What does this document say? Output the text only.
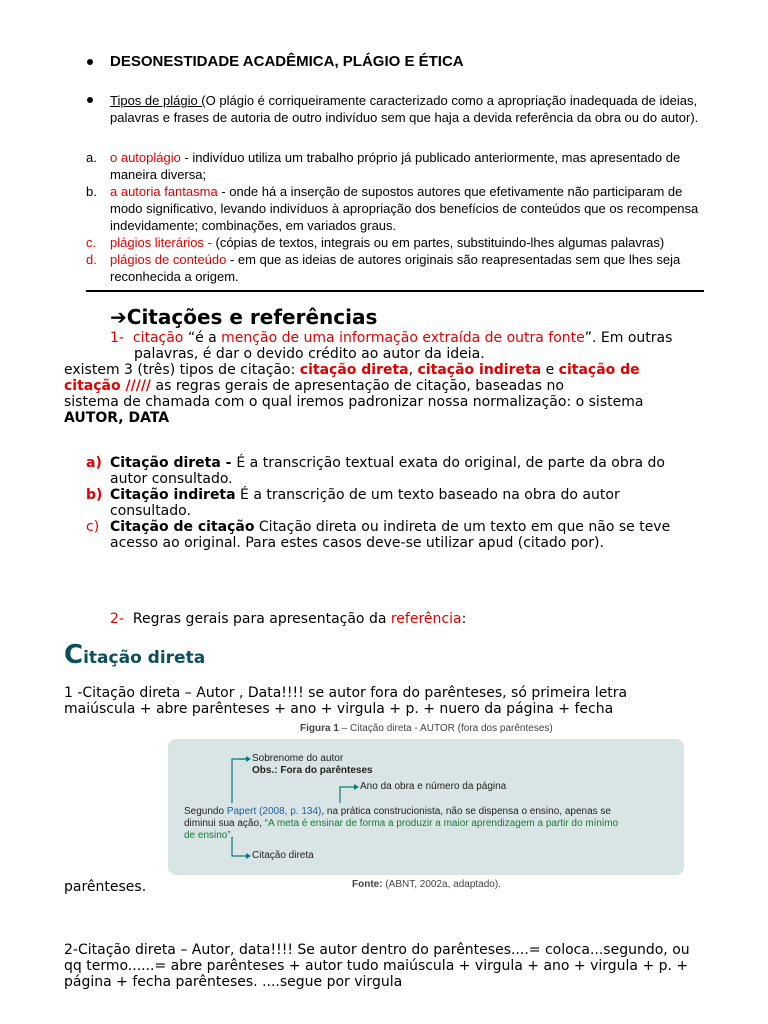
DESONESTIDADE ACADÊMICA, PLÁGIO E ÉTICA
Tipos de plágio (O plágio é corriqueiramente caracterizado como a apropriação inadequada de ideias,
palavras e frases de autoria de outro indivíduo sem que haja a devida referência da obra ou do autor).
a. o autoplágio - indivíduo utiliza um trabalho próprio já publicado anteriormente, mas apresentado de
maneira diversa;
b. a autoria fantasma - onde há a inserção de supostos autores que efetivamente não participaram de
modo significativo, levando indivíduos à apropriação dos benefícios de conteúdos que os recompensa
indevidamente; combinações, em variados graus.
c. plágios literários - (cópias de textos, integrais ou em partes, substituindo-lhes algumas palavras)
d. plágios de conteúdo - em que as ideias de autores originais são reapresentadas sem que lhes seja
reconhecida a origem.
➔Citações e referências
1- citação “é a menção de uma informação extraída de outra fonte”. Em outras
palavras, é dar o devido crédito ao autor da ideia.
existem 3 (três) tipos de citação: citação direta, citação indireta e citação de
citação ///// as regras gerais de apresentação de citação, baseadas no
sistema de chamada com o qual iremos padronizar nossa normalização: o sistema
AUTOR, DATA
a) Citação direta - É a transcrição textual exata do original, de parte da obra do
autor consultado.
b) Citação indireta É a transcrição de um texto baseado na obra do autor
consultado.
c) Citação de citação Citação direta ou indireta de um texto em que não se teve
acesso ao original. Para estes casos deve-se utilizar apud (citado por).
2- Regras gerais para apresentação da referência:
Citação direta
1 -Citação direta – Autor , Data!!!! se autor fora do parênteses, só primeira letra
maiúscula + abre parênteses + ano + virgula + p. + nuero da página + fecha
Figura 1 – Citação direta - AUTOR (fora dos parênteses)
Sobrenome do autor
Obs.: Fora do parênteses
Ano da obra e número da página
Segundo Papert (2008, p. 134), na prática construcionista, não se dispensa o ensino, apenas se
diminui sua ação, “A meta é ensinar de forma a produzir a maior aprendizagem a partir do mínimo
de ensino”.
Citação direta
Fonte: (ABNT, 2002a, adaptado).
parênteses.
2-Citação direta – Autor, data!!!! Se autor dentro do parênteses....= coloca...segundo, ou
qq termo......= abre parênteses + autor tudo maiúscula + virgula + ano + virgula + p. +
página + fecha parênteses. ....segue por virgula
